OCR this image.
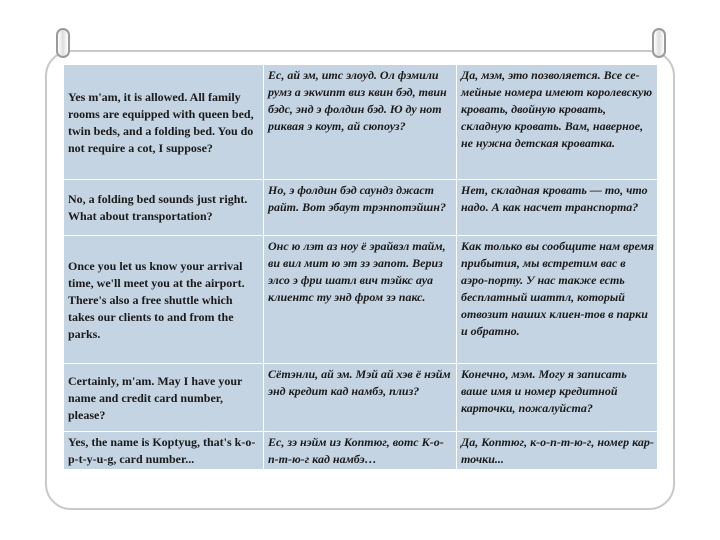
Yes m'am, it is allowed. All family rooms are equipped with queen bed, twin beds, and a folding bed. You do not require a cot, I suppose?	Ес, ай эм, итс элоуд. Ол фэмили румз а экwипт виз квин бэд, твин бэдс, энд э фолдин бэд. Ю ду нот риквая э коут, ай сюпоуз?	Да, мэм, это позволяется. Все се-мейные номера имеют королевскую кровать, двойную кровать, складную кровать. Вам, наверное, не нужна детская кроватка.
No, a folding bed sounds just right. What about transportation?	Но, э фолдин бэд саундз джаст райт. Вот эбаут трэнпотэйшн?	Нет, складная кровать — то, что надо. А как насчет транспорта?
Once you let us know your arrival time, we'll meet you at the airport. There's also a free shuttle which takes our clients to and from the parks.	Онс ю лэт аз ноу ё эрайвэл тайм, ви вил мит ю эт зэ эапот. Вериз элсо э фри шатл вич тэйкс ауа клиентс ту энд фром зэ пакс.	Как только вы сообщите нам время прибытия, мы встретим вас в аэро-порту. У нас также есть бесплатный шаттл, который отвозит наших клиен-тов в парки и обратно.
Certainly, m'am. May I have your name and credit card number, please?	Сётэнли, ай эм. Мэй ай хэв ё нэйм энд кредит кад намбэ, плиз?	Конечно, мэм. Могу я записать ваше имя и номер кредитной карточки, пожалуйста?
Yes, the name is Koptyug, that's k-o-p-t-y-u-g, card number...	Ес, зэ нэйм из Коптюг, вотс К-о-п-т-ю-г кад намбэ…	Да, Коптюг, к-о-п-т-ю-г, номер кар-точки...
